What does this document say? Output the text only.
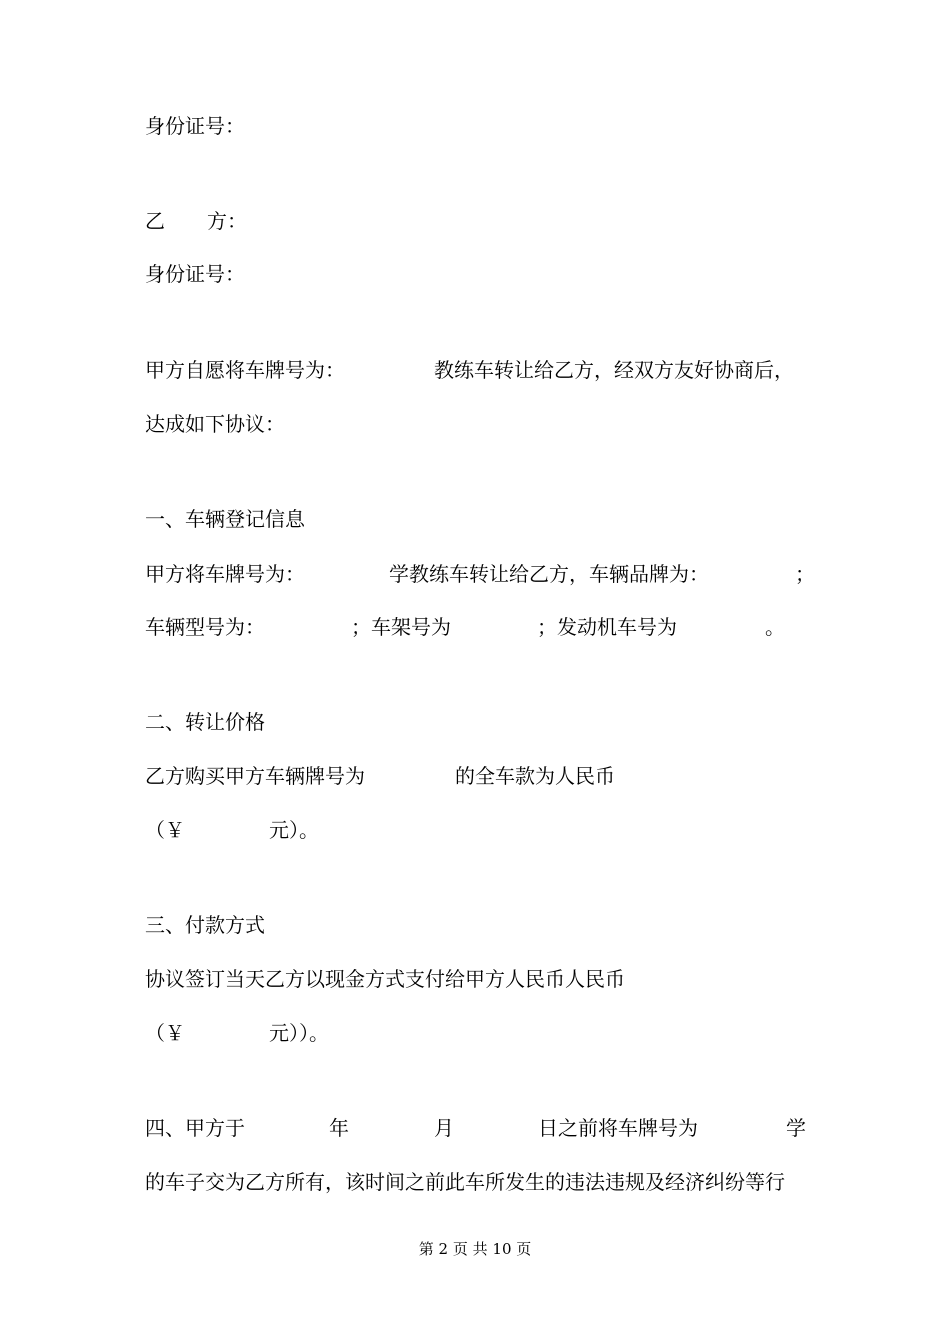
身份证号：
乙 方：
身份证号：
甲方自愿将车牌号为：	教练车转让给乙方，经双方友好协商后，
达成如下协议：
一、车辆登记信息
甲方将车牌号为：	学教练车转让给乙方，车辆品牌为：	；
车辆型号为：	；车架号为	；发动机车号为	。
二、转让价格
乙方购买甲方车辆牌号为	的全车款为人民币
（￥	元）。
三、付款方式
协议签订当天乙方以现金方式支付给甲方人民币人民币
（￥	元））。
四、甲方于	年	月	日之前将车牌号为	学
的车子交为乙方所有，该时间之前此车所发生的违法违规及经济纠纷等行
第 2 页 共 10 页
